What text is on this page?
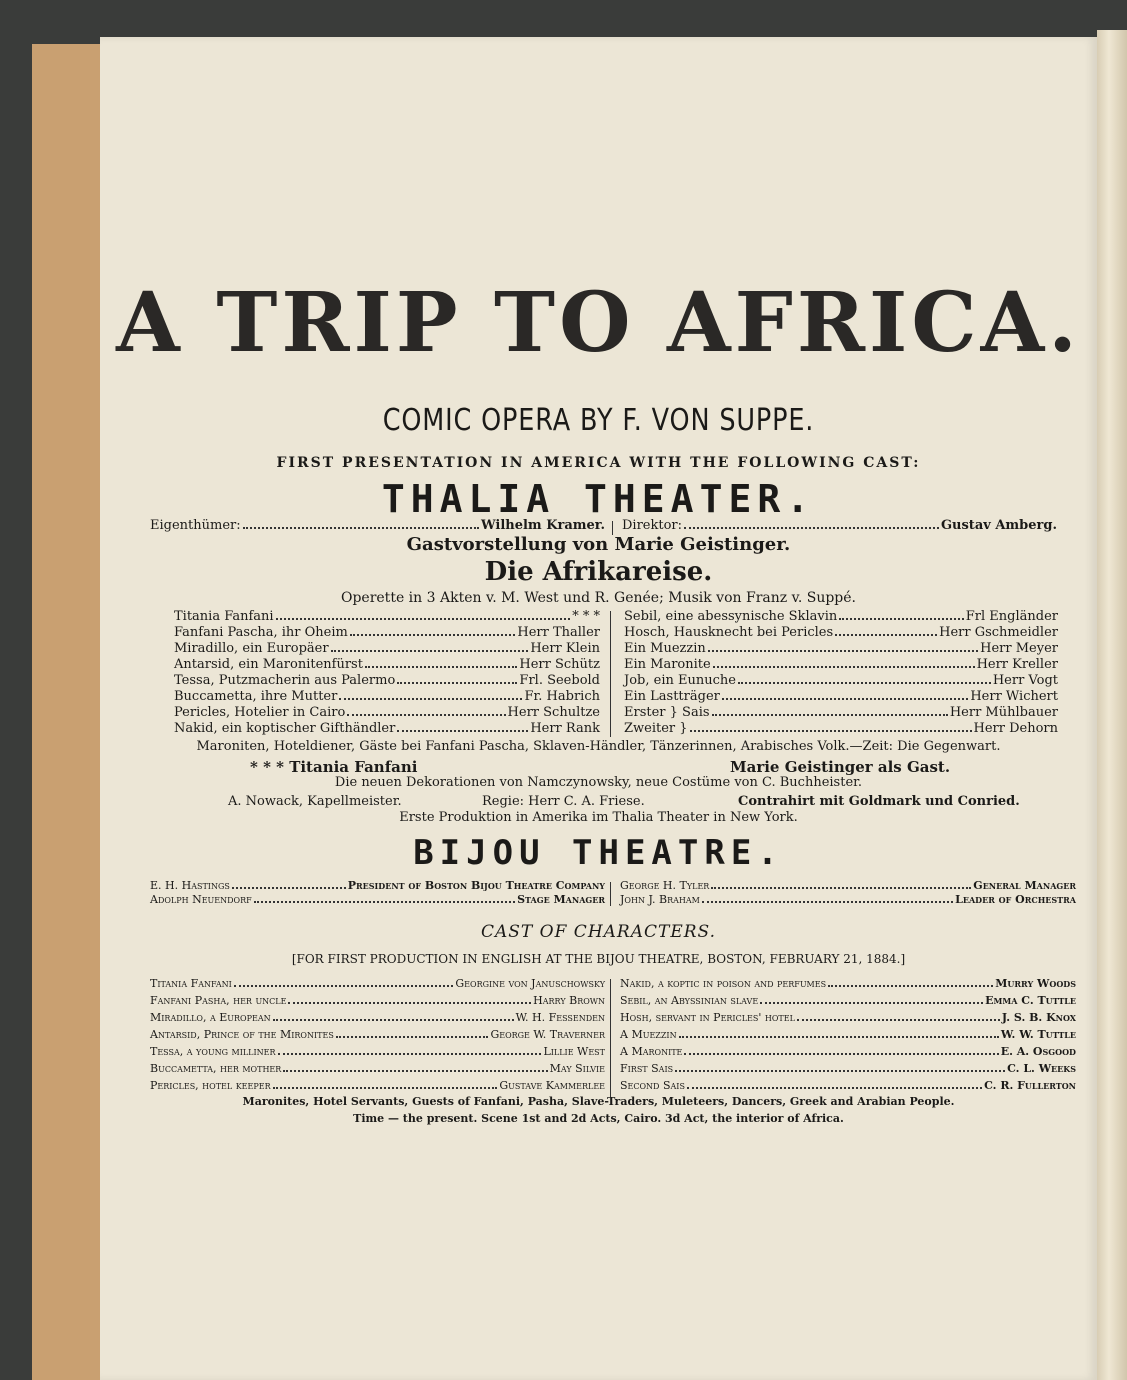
A TRIP TO AFRICA.
COMIC OPERA BY F. VON SUPPE.
FIRST PRESENTATION IN AMERICA WITH THE FOLLOWING CAST:
THALIA THEATER.
Eigenthümer:	Wilhelm Kramer. Direktor:	Gustav Amberg.
Gastvorstellung von Marie Geistinger.
Die Afrikareise.
Operette in 3 Akten v. M. West und R. Genée; Musik von Franz v. Suppé.
Titania Fanfani	* * *
Fanfani Pascha, ihr Oheim	Herr Thaller
Miradillo, ein Europäer	Herr Klein
Antarsid, ein Maronitenfürst	Herr Schütz
Tessa, Putzmacherin aus Palermo	Frl. Seebold
Buccametta, ihre Mutter	Fr. Habrich
Pericles, Hotelier in Cairo	Herr Schultze
Nakid, ein koptischer Gifthändler	Herr Rank
Sebil, eine abessynische Sklavin	Frl Engländer
Hosch, Hausknecht bei Pericles	Herr Gschmeidler
Ein Muezzin	Herr Meyer
Ein Maronite	Herr Kreller
Job, ein Eunuche	Herr Vogt
Ein Lastträger	Herr Wichert
Erster } Sais	Herr Mühlbauer
Zweiter }	Herr Dehorn
Maroniten, Hoteldiener, Gäste bei Fanfani Pascha, Sklaven-Händler, Tänzerinnen, Arabisches Volk.—Zeit: Die Gegenwart.
* * * Titania Fanfani	Marie Geistinger als Gast.
Die neuen Dekorationen von Namczynowsky, neue Costüme von C. Buchheister.
A. Nowack, Kapellmeister.	Regie: Herr C. A. Friese.	Contrahirt mit Goldmark und Conried.
Erste Produktion in Amerika im Thalia Theater in New York.
BIJOU THEATRE.
E. H. Hastings	President of Boston Bijou Theatre Company
Adolph Neuendorf	Stage Manager
George H. Tyler	General Manager
John J. Braham	Leader of Orchestra
CAST OF CHARACTERS.
[FOR FIRST PRODUCTION IN ENGLISH AT THE BIJOU THEATRE, BOSTON, FEBRUARY 21, 1884.]
Titania Fanfani	Georgine von Januschowsky
Fanfani Pasha, her uncle	Harry Brown
Miradillo, a European	W. H. Fessenden
Antarsid, Prince of the Mironites	George W. Traverner
Tessa, a young milliner	Lillie West
Buccametta, her mother	May Silvie
Pericles, hotel keeper	Gustave Kammerlee
Nakid, a koptic in poison and perfumes	Murry Woods
Sebil, an Abyssinian slave	Emma C. Tuttle
Hosh, servant in Pericles' hotel	J. S. B. Knox
A Muezzin	W. W. Tuttle
A Maronite	E. A. Osgood
First Sais	C. L. Weeks
Second Sais	C. R. Fullerton
Maronites, Hotel Servants, Guests of Fanfani, Pasha, Slave-Traders, Muleteers, Dancers, Greek and Arabian People.
Time — the present. Scene 1st and 2d Acts, Cairo. 3d Act, the interior of Africa.
